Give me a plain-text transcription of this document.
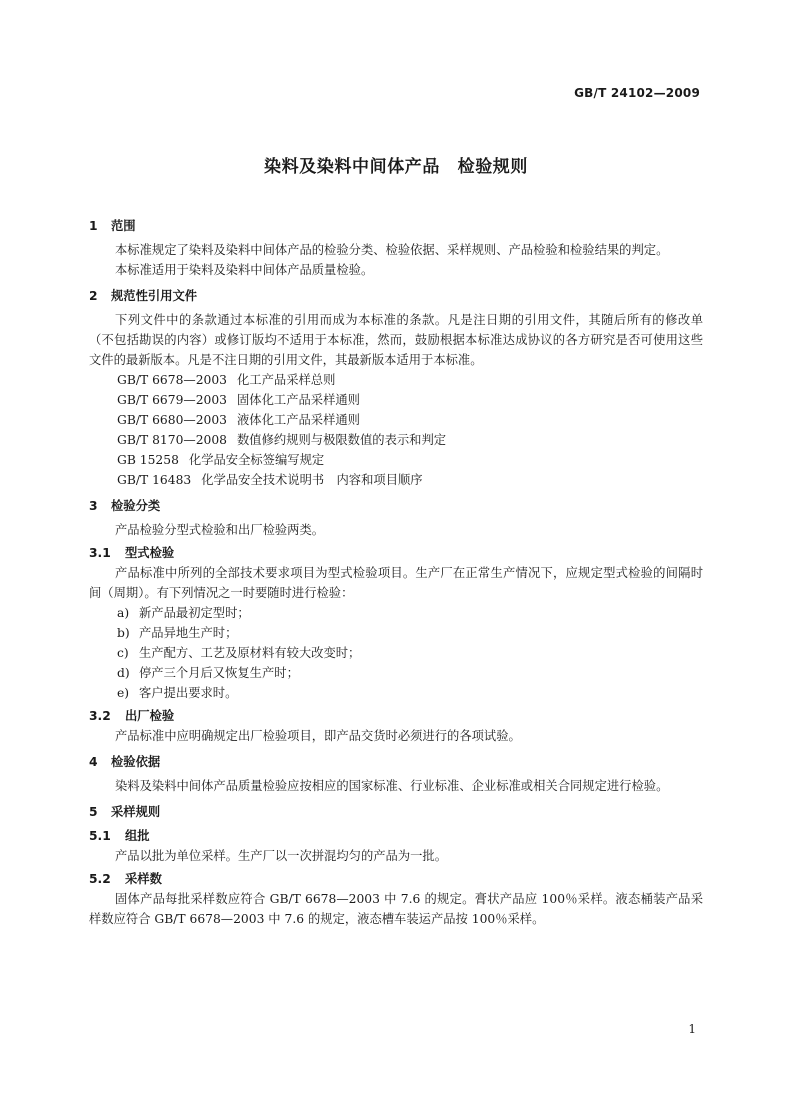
GB/T 24102—2009
染料及染料中间体产品　检验规则
1 范围

本标准规定了染料及染料中间体产品的检验分类、检验依据、采样规则、产品检验和检验结果的判定。

本标准适用于染料及染料中间体产品质量检验。

2 规范性引用文件

下列文件中的条款通过本标准的引用而成为本标准的条款。凡是注日期的引用文件，其随后所有的修改单（不包括勘误的内容）或修订版均不适用于本标准，然而，鼓励根据本标准达成协议的各方研究是否可使用这些文件的最新版本。凡是不注日期的引用文件，其最新版本适用于本标准。

GB/T 6678—2003 化工产品采样总则
GB/T 6679—2003 固体化工产品采样通则
GB/T 6680—2003 液体化工产品采样通则
GB/T 8170—2008 数值修约规则与极限数值的表示和判定
GB 15258 化学品安全标签编写规定
GB/T 16483 化学品安全技术说明书　内容和项目顺序
3 检验分类

产品检验分型式检验和出厂检验两类。

3.1 型式检验

产品标准中所列的全部技术要求项目为型式检验项目。生产厂在正常生产情况下，应规定型式检验的间隔时间（周期）。有下列情况之一时要随时进行检验：

a) 新产品最初定型时；
b) 产品异地生产时；
c) 生产配方、工艺及原材料有较大改变时；
d) 停产三个月后又恢复生产时；
e) 客户提出要求时。
3.2 出厂检验

产品标准中应明确规定出厂检验项目，即产品交货时必须进行的各项试验。

4 检验依据

染料及染料中间体产品质量检验应按相应的国家标准、行业标准、企业标准或相关合同规定进行检验。

5 采样规则
5.1 组批

产品以批为单位采样。生产厂以一次拼混均匀的产品为一批。

5.2 采样数

固体产品每批采样数应符合 GB/T 6678—2003 中 7.6 的规定。膏状产品应 100％采样。液态桶装产品采样数应符合 GB/T 6678—2003 中 7.6 的规定，液态槽车装运产品按 100％采样。

1
